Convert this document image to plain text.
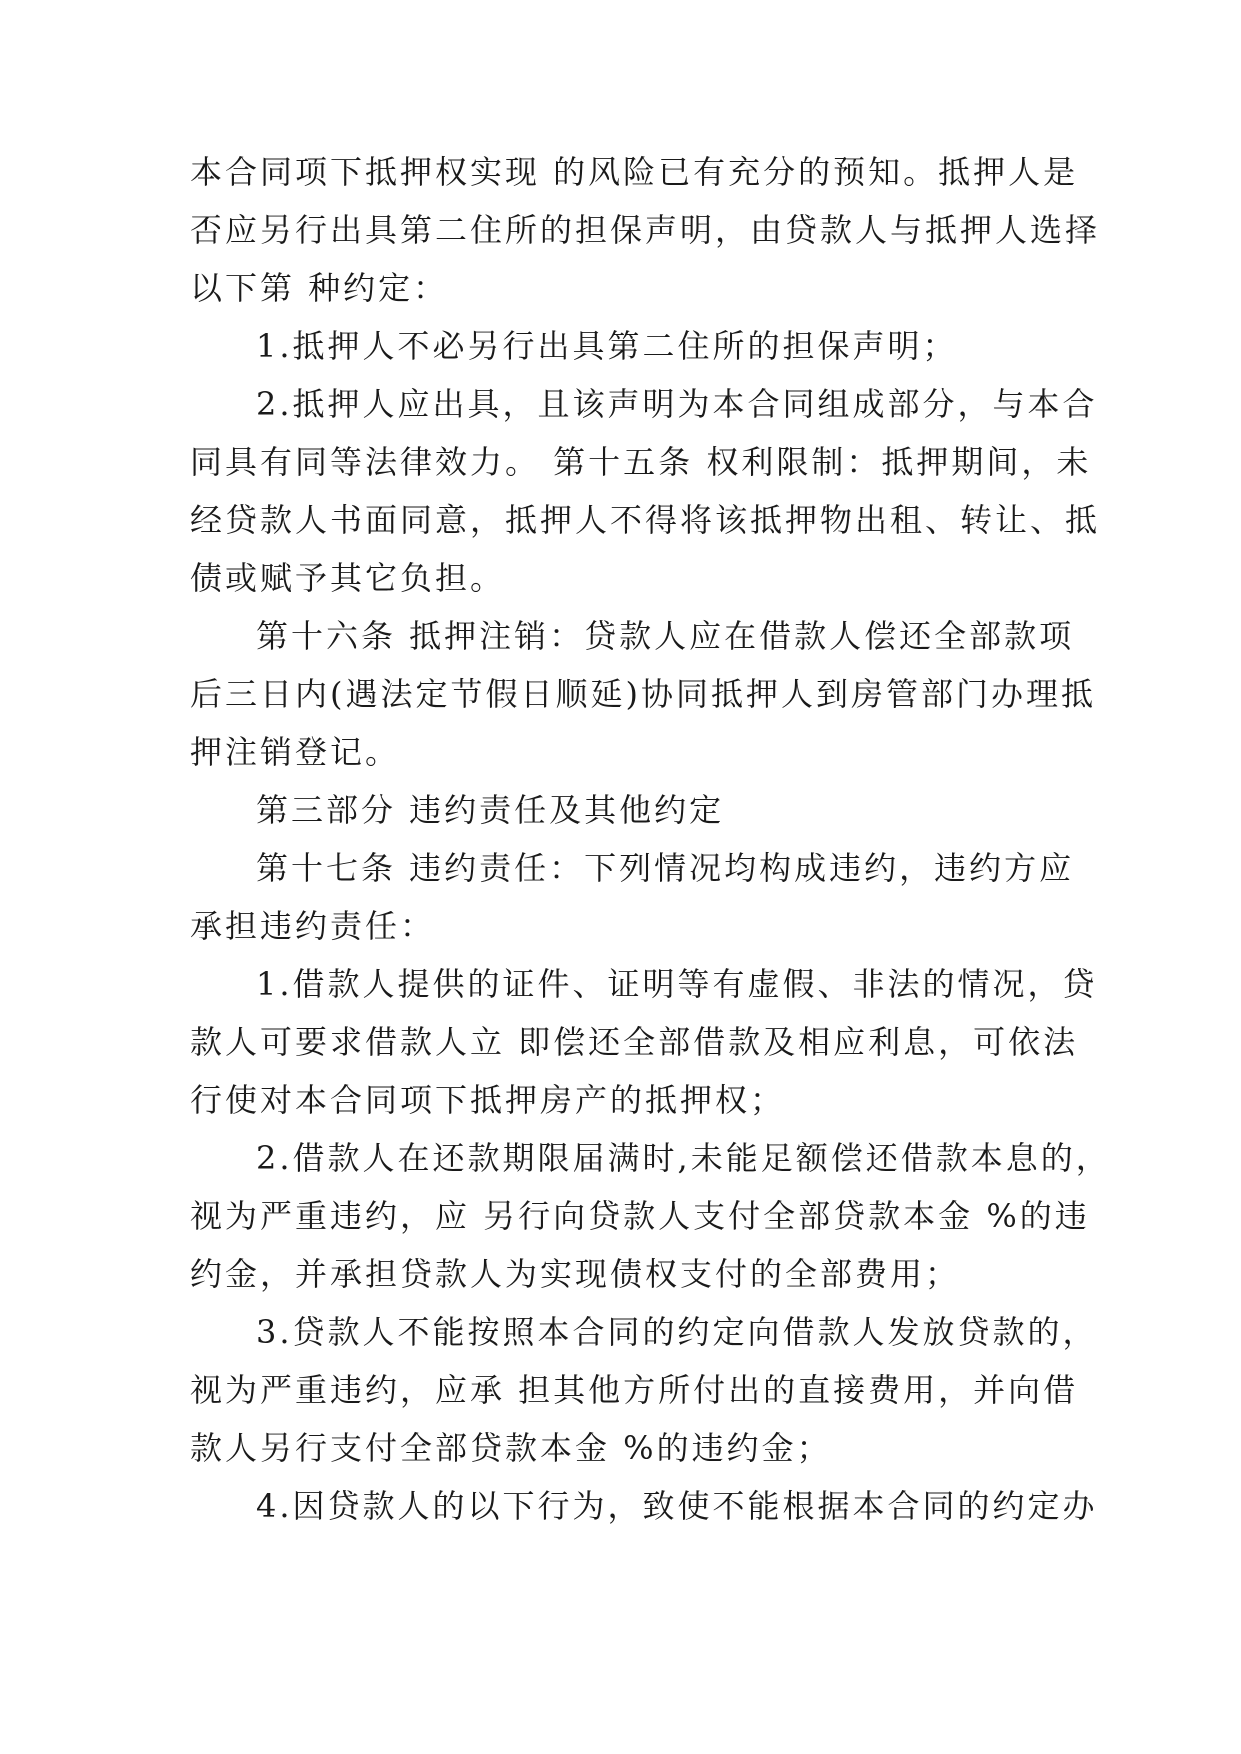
本合同项下抵押权实现 的风险已有充分的预知。抵押人是
否应另行出具第二住所的担保声明，由贷款人与抵押人选择
以下第 种约定：
1.抵押人不必另行出具第二住所的担保声明；
2.抵押人应出具，且该声明为本合同组成部分，与本合
同具有同等法律效力。 第十五条 权利限制：抵押期间，未
经贷款人书面同意，抵押人不得将该抵押物出租、转让、抵
债或赋予其它负担。
第十六条 抵押注销：贷款人应在借款人偿还全部款项
后三日内(遇法定节假日顺延)协同抵押人到房管部门办理抵
押注销登记。
第三部分 违约责任及其他约定
第十七条 违约责任：下列情况均构成违约，违约方应
承担违约责任：
1.借款人提供的证件、证明等有虚假、非法的情况，贷
款人可要求借款人立 即偿还全部借款及相应利息，可依法
行使对本合同项下抵押房产的抵押权；
2.借款人在还款期限届满时,未能足额偿还借款本息的，
视为严重违约，应 另行向贷款人支付全部贷款本金 %的违
约金，并承担贷款人为实现债权支付的全部费用；
3.贷款人不能按照本合同的约定向借款人发放贷款的，
视为严重违约，应承 担其他方所付出的直接费用，并向借
款人另行支付全部贷款本金 %的违约金；
4.因贷款人的以下行为，致使不能根据本合同的约定办
